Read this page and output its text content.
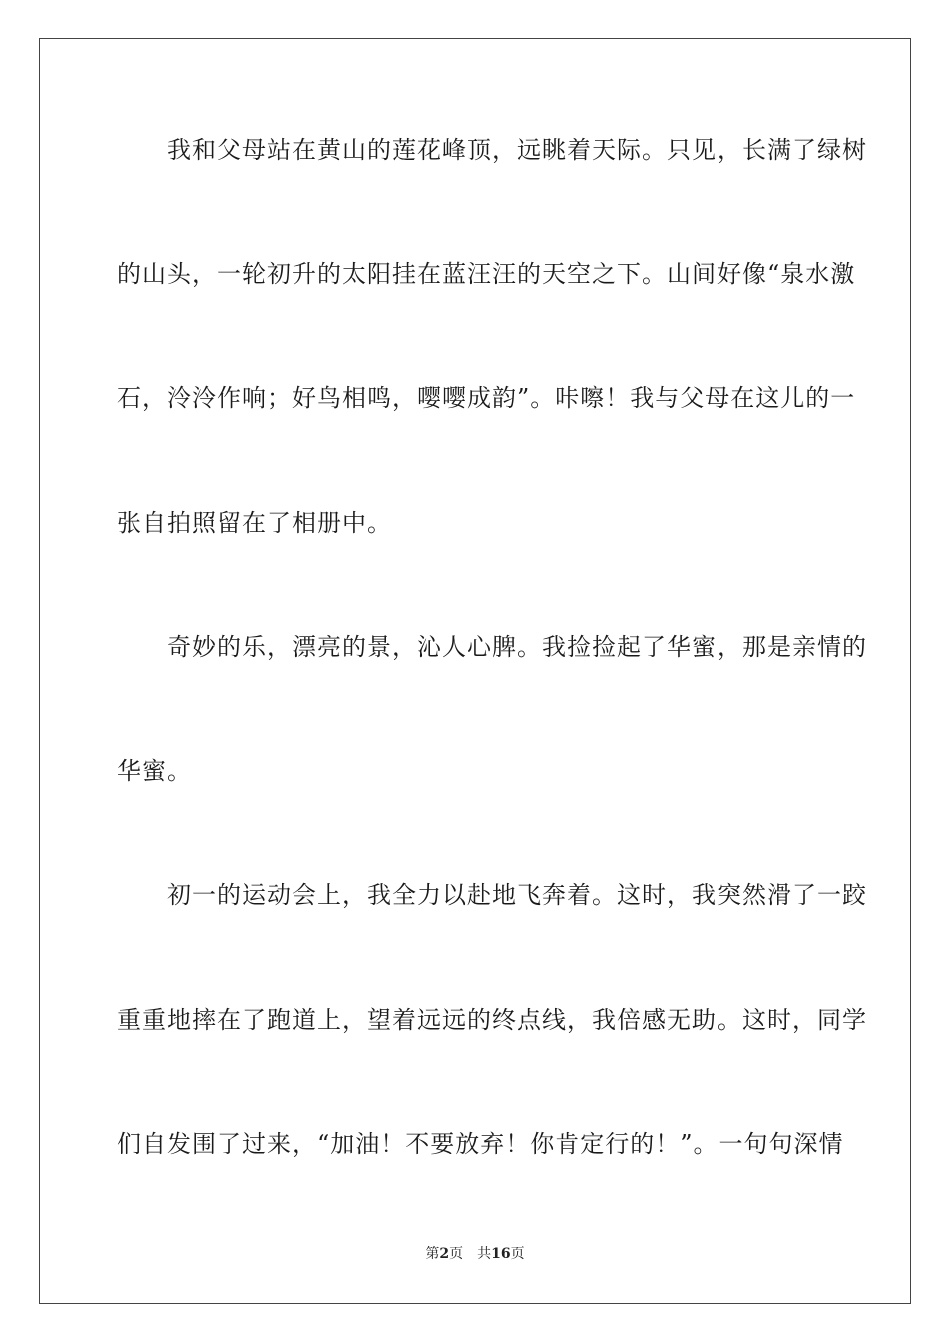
　　我和父母站在黄山的莲花峰顶，远眺着天际。只见，长满了绿树
的山头，一轮初升的太阳挂在蓝汪汪的天空之下。山间好像“泉水激
石，泠泠作响；好鸟相鸣，嘤嘤成韵”。咔嚓！我与父母在这儿的一
张自拍照留在了相册中。
　　奇妙的乐，漂亮的景，沁人心脾。我捡捡起了华蜜，那是亲情的
华蜜。
　　初一的运动会上，我全力以赴地飞奔着。这时，我突然滑了一跤
重重地摔在了跑道上，望着远远的终点线，我倍感无助。这时，同学
们自发围了过来，“加油！不要放弃！你肯定行的！”。一句句深情
第2页 共16页
